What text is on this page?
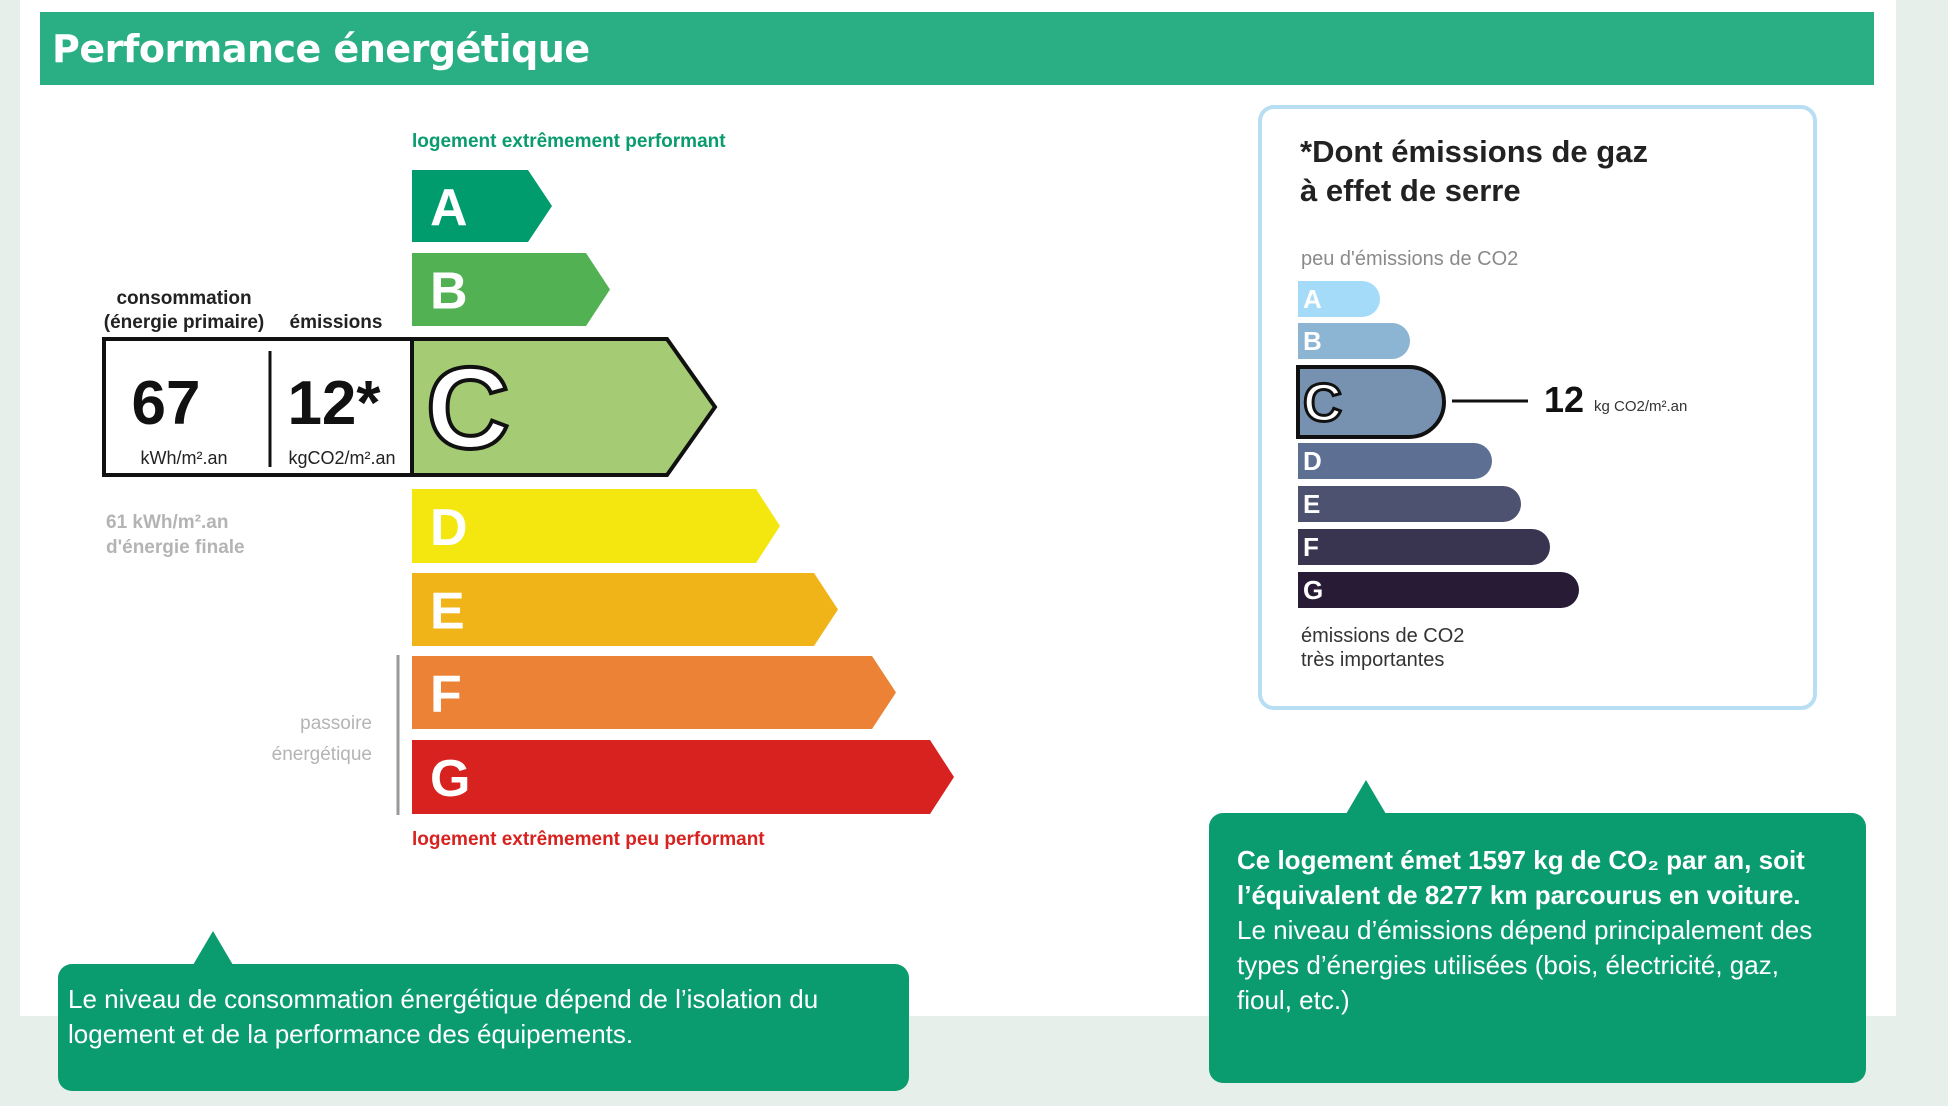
Performance énergétique
logement extrêmement performant
logement extrêmement peu performant
consommation
(énergie primaire) émissions
67
kWh/m².an
12*
kgCO2/m².an
61 kWh/m².an
d'énergie finale
passoire
énergétique
A
B
C
D
E
F
G
12 kg CO2/m².an
A
B
C
D
E
F
G
*Dont émissions de gaz
à effet de serre
peu d'émissions de CO2
émissions de CO2
très importantes
Le niveau de consommation énergétique dépend de l’isolation du logement et de la performance des équipements.
Ce logement émet 1597 kg de CO₂ par an, soit l’équivalent de 8277 km parcourus en voiture.
Le niveau d’émissions dépend principalement des types d’énergies utilisées (bois, électricité, gaz, fioul, etc.)
